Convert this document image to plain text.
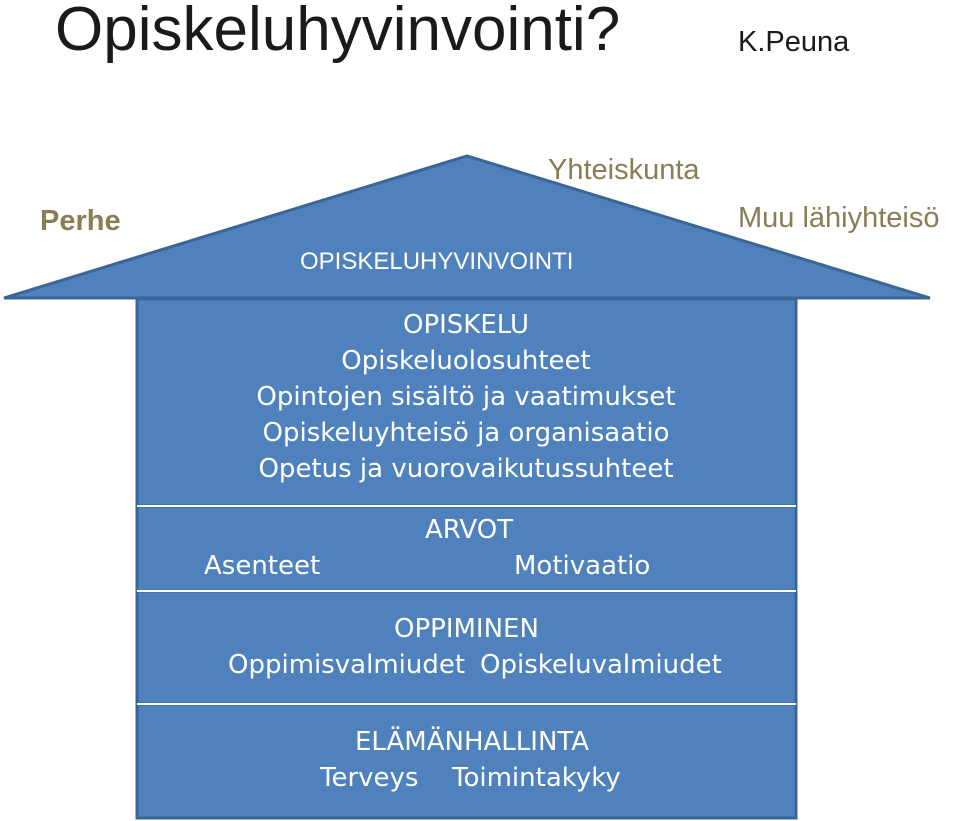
Opiskeluhyvinvointi?	K.Peuna
Perhe
Yhteiskunta
Muu lähiyhteisö
OPISKELUHYVINVOINTI
OPISKELU
Opiskeluolosuhteet
Opintojen sisältö ja vaatimukset
Opiskeluyhteisö ja organisaatio
Opetus ja vuorovaikutussuhteet
ARVOT
Asenteet	Motivaatio
OPPIMINEN
Oppimisvalmiudet Opiskeluvalmiudet
ELÄMÄNHALLINTA
Terveys Toimintakyky
